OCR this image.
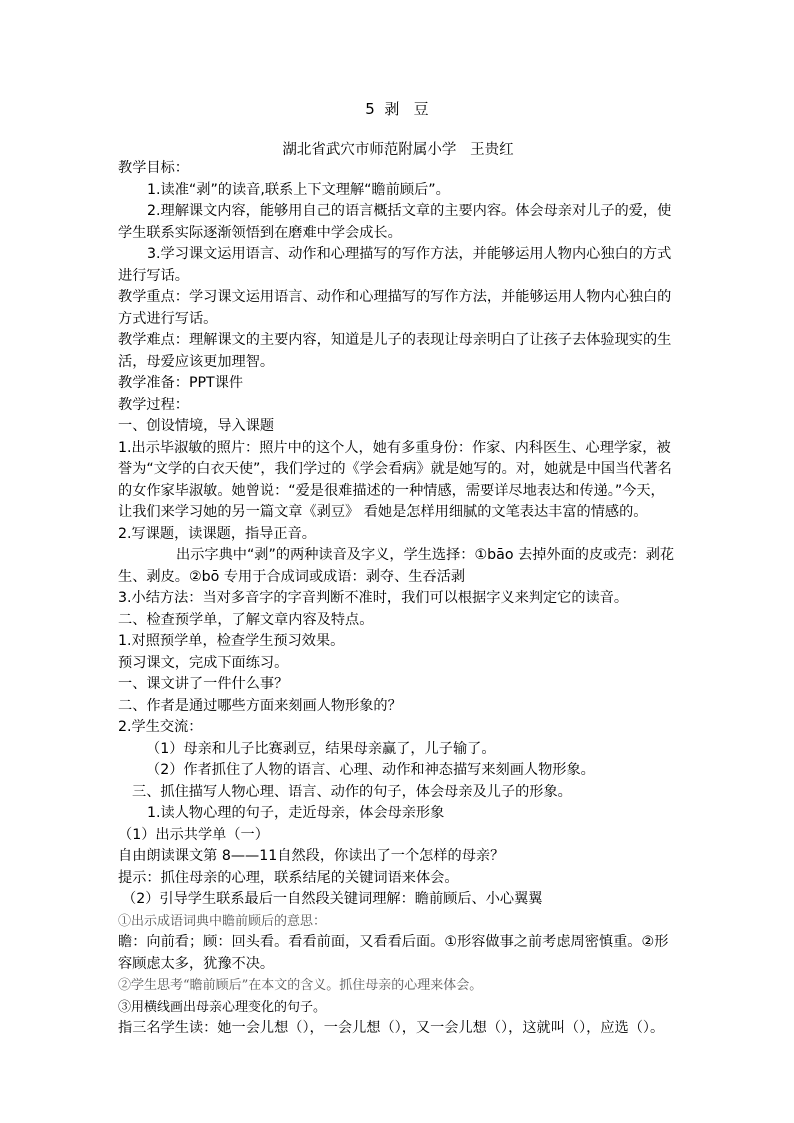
5  剥   豆
湖北省武穴市师范附属小学   王贵红

教学目标：

1.读准“剥”的读音,联系上下文理解“瞻前顾后”。

2.理解课文内容，能够用自己的语言概括文章的主要内容。体会母亲对儿子的爱，使学生联系实际逐渐领悟到在磨难中学会成长。

3.学习课文运用语言、动作和心理描写的写作方法，并能够运用人物内心独白的方式进行写话。

教学重点：学习课文运用语言、动作和心理描写的写作方法，并能够运用人物内心独白的方式进行写话。

教学难点：理解课文的主要内容，知道是儿子的表现让母亲明白了让孩子去体验现实的生活，母爱应该更加理智。

教学准备：PPT课件

教学过程：

一、创设情境，导入课题

1.出示毕淑敏的照片：照片中的这个人，她有多重身份：作家、内科医生、心理学家，被誉为“文学的白衣天使”，我们学过的《学会看病》就是她写的。对，她就是中国当代著名的女作家毕淑敏。她曾说：“爱是很难描述的一种情感，需要详尽地表达和传递。”今天，让我们来学习她的另一篇文章《剥豆》 看她是怎样用细腻的文笔表达丰富的情感的。

2.写课题，读课题，指导正音。

出示字典中“剥”的两种读音及字义，学生选择：①bāo 去掉外面的皮或壳：剥花生、剥皮。②bō 专用于合成词或成语：剥夺、生吞活剥

3.小结方法：当对多音字的字音判断不准时，我们可以根据字义来判定它的读音。

二、检查预学单，了解文章内容及特点。

1.对照预学单，检查学生预习效果。

预习课文，完成下面练习。

一、课文讲了一件什么事？

二、作者是通过哪些方面来刻画人物形象的？

2.学生交流：

（1）母亲和儿子比赛剥豆，结果母亲赢了，儿子输了。

（2）作者抓住了人物的语言、心理、动作和神态描写来刻画人物形象。

三、抓住描写人物心理、语言、动作的句子，体会母亲及儿子的形象。

1.读人物心理的句子，走近母亲，体会母亲形象

（1）出示共学单（一）

自由朗读课文第 8——11自然段，你读出了一个怎样的母亲？

提示：抓住母亲的心理，联系结尾的关键词语来体会。

（2）引导学生联系最后一自然段关键词理解：瞻前顾后、小心翼翼

①出示成语词典中瞻前顾后的意思：

瞻：向前看；顾：回头看。看看前面，又看看后面。①形容做事之前考虑周密慎重。②形容顾虑太多，犹豫不决。

②学生思考“瞻前顾后”在本文的含义。抓住母亲的心理来体会。

③用横线画出母亲心理变化的句子。

指三名学生读：她一会儿想（），一会儿想（），又一会儿想（），这就叫（），应选（）。
